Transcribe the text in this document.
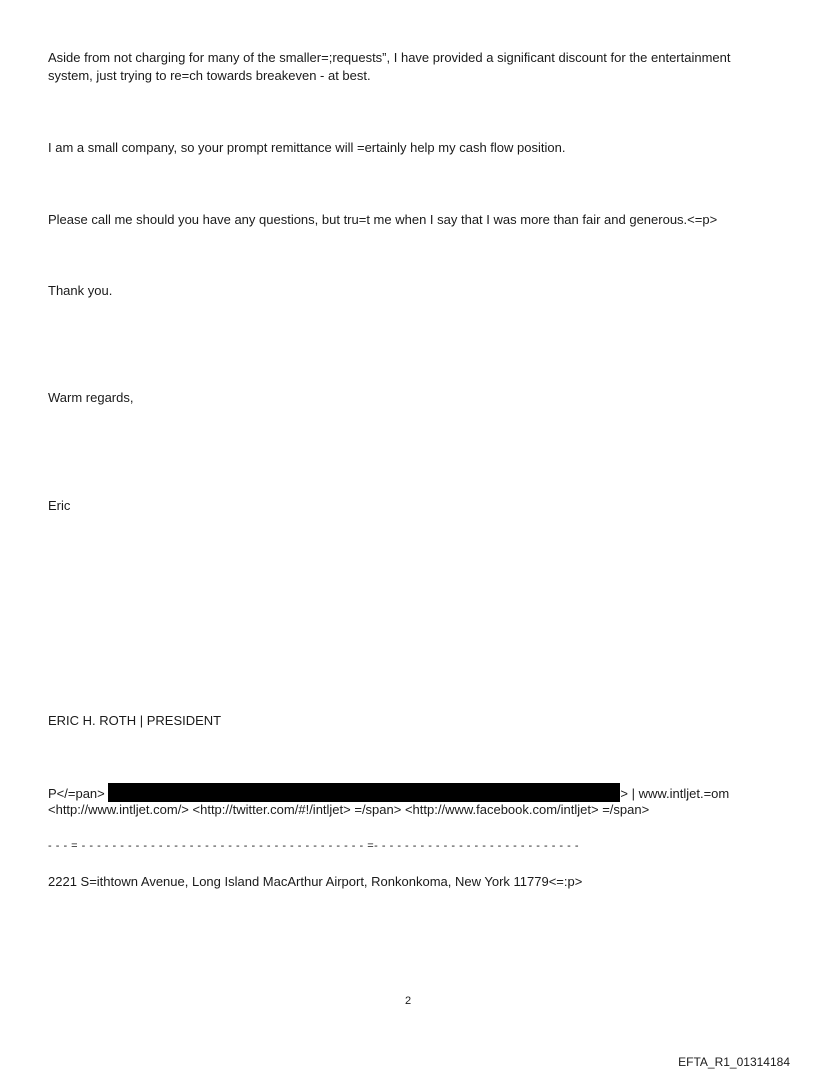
Aside from not charging for many of the smaller=;requests”, I have provided a significant discount for the entertainment

system, just trying to re=ch towards breakeven - at best.

I am a small company, so your prompt remittance will =ertainly help my cash flow position.

Please call me should you have any questions, but tru=t me when I say that I was more than fair and generous.<=p>

Thank you.

Warm regards,

Eric

ERIC H. ROTH | PRESIDENT

P</=pan>	> | www.intljet.=om

<http://www.intljet.com/> <http://twitter.com/#!/intljet> =/span> <http://www.facebook.com/intljet> =/span>

- - - = - - - - - - - - - - - - - - - - - - - - - - - - - - - - - - - - - - - - - =- - - - - - - - - - - - - - - - - - - - - - - - - - -

2221 S=ithtown Avenue, Long Island MacArthur Airport, Ronkonkoma, New York 11779<=:p>

2
EFTA_R1_01314184
